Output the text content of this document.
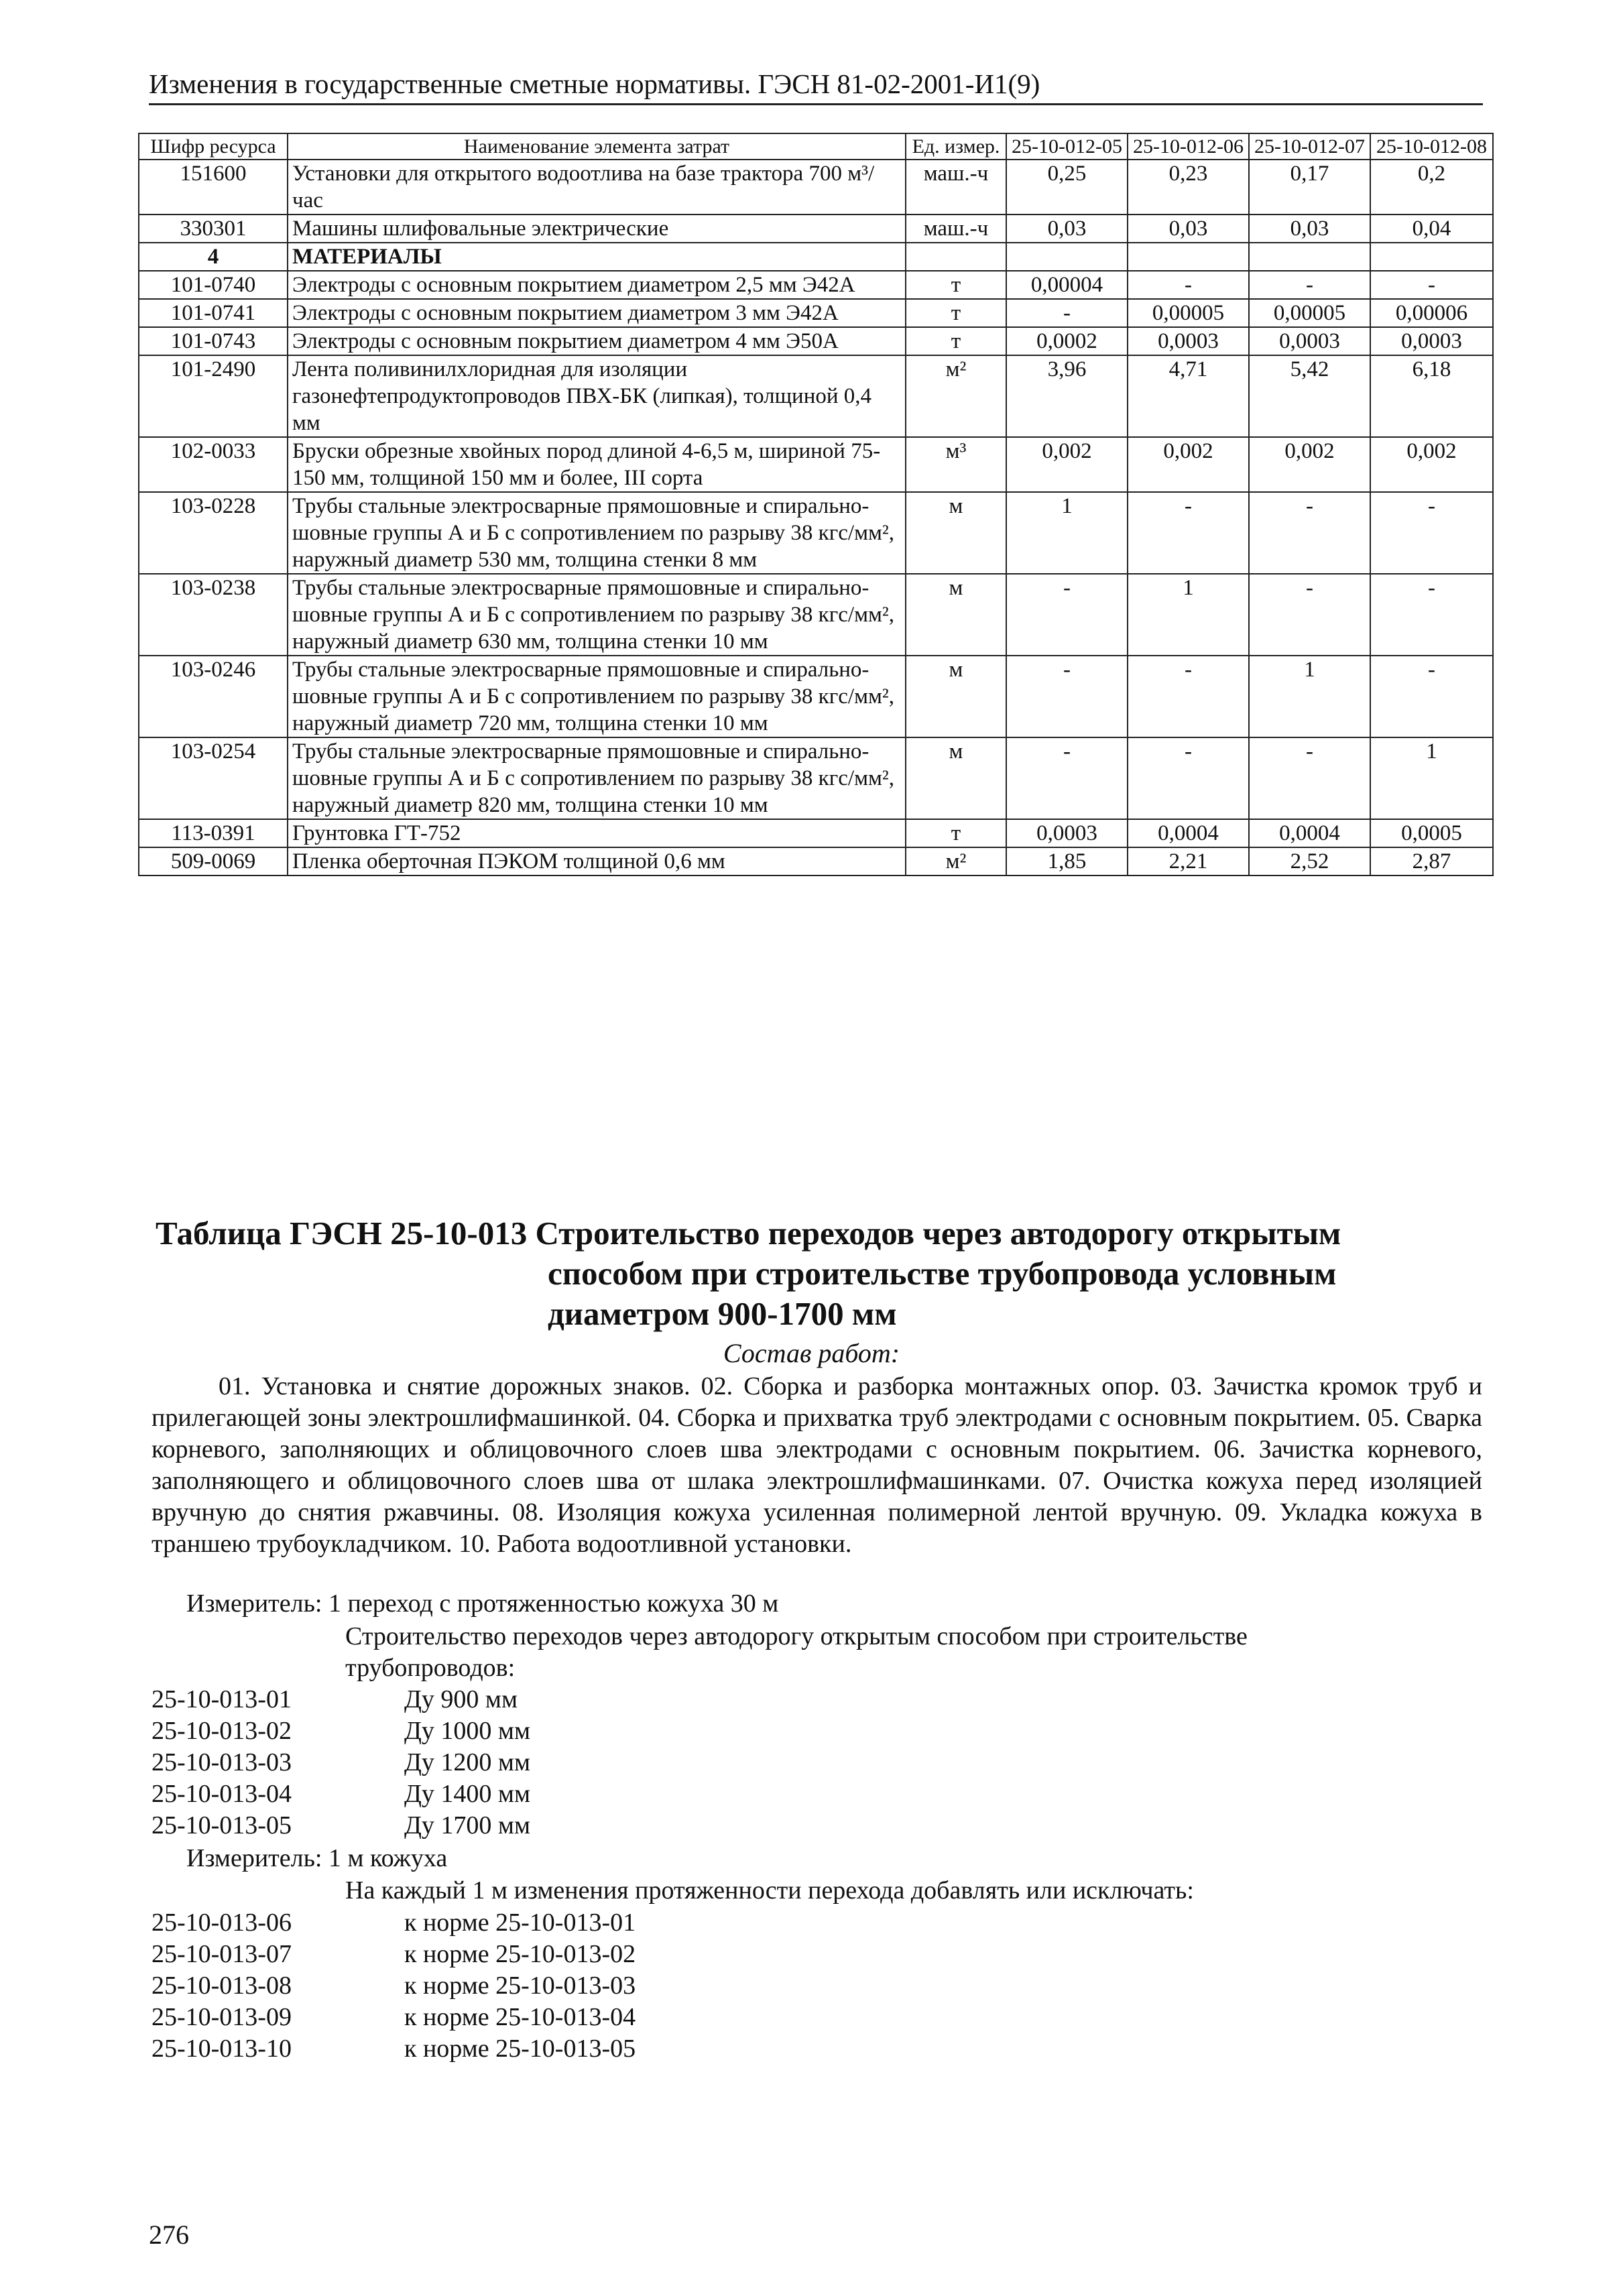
Изменения в государственные сметные нормативы. ГЭСН 81-02-2001-И1(9)
Шифр ресурса	Наименование элемента затрат	Ед. измер.	25-10-012-05	25-10-012-06	25-10-012-07	25-10-012-08
151600	Установки для открытого водоотлива на базе трактора 700 м³/час	маш.-ч	0,25	0,23	0,17	0,2
330301	Машины шлифовальные электрические	маш.-ч	0,03	0,03	0,03	0,04
4	МАТЕРИАЛЫ					
101-0740	Электроды с основным покрытием диаметром 2,5 мм Э42А	т	0,00004	-	-	-
101-0741	Электроды с основным покрытием диаметром 3 мм Э42А	т	-	0,00005	0,00005	0,00006
101-0743	Электроды с основным покрытием диаметром 4 мм Э50А	т	0,0002	0,0003	0,0003	0,0003
101-2490	Лента поливинилхлоридная для изоляции газонефтепродуктопроводов ПВХ-БК (липкая), толщиной 0,4 мм	м²	3,96	4,71	5,42	6,18
102-0033	Бруски обрезные хвойных пород длиной 4-6,5 м, шириной 75-150 мм, толщиной 150 мм и более, III сорта	м³	0,002	0,002	0,002	0,002
103-0228	Трубы стальные электросварные прямошовные и спирально-шовные группы А и Б с сопротивлением по разрыву 38 кгс/мм², наружный диаметр 530 мм, толщина стенки 8 мм	м	1	-	-	-
103-0238	Трубы стальные электросварные прямошовные и спирально-шовные группы А и Б с сопротивлением по разрыву 38 кгс/мм², наружный диаметр 630 мм, толщина стенки 10 мм	м	-	1	-	-
103-0246	Трубы стальные электросварные прямошовные и спирально-шовные группы А и Б с сопротивлением по разрыву 38 кгс/мм², наружный диаметр 720 мм, толщина стенки 10 мм	м	-	-	1	-
103-0254	Трубы стальные электросварные прямошовные и спирально-шовные группы А и Б с сопротивлением по разрыву 38 кгс/мм², наружный диаметр 820 мм, толщина стенки 10 мм	м	-	-	-	1
113-0391	Грунтовка ГТ-752	т	0,0003	0,0004	0,0004	0,0005
509-0069	Пленка оберточная ПЭКОМ толщиной 0,6 мм	м²	1,85	2,21	2,52	2,87
Таблица ГЭСН 25-10-013 Строительство переходов через автодорогу открытым
способом при строительстве трубопровода условным
диаметром 900-1700 мм
Состав работ:
01. Установка и снятие дорожных знаков. 02. Сборка и разборка монтажных опор. 03. Зачистка кромок труб и прилегающей зоны электрошлифмашинкой. 04. Сборка и прихватка труб электродами с основным покрытием. 05. Сварка корневого, заполняющих и облицовочного слоев шва электродами с основным покрытием. 06. Зачистка корневого, заполняющего и облицовочного слоев шва от шлака электрошлифмашинками. 07. Очистка кожуха перед изоляцией вручную до снятия ржавчины. 08. Изоляция кожуха усиленная полимерной лентой вручную. 09. Укладка кожуха в траншею трубоукладчиком. 10. Работа водоотливной установки.
Измеритель: 1 переход с протяженностью кожуха 30 м
Строительство переходов через автодорогу открытым способом при строительстве трубопроводов:
25-10-013-01	Ду 900 мм
25-10-013-02	Ду 1000 мм
25-10-013-03	Ду 1200 мм
25-10-013-04	Ду 1400 мм
25-10-013-05	Ду 1700 мм
Измеритель: 1 м кожуха
На каждый 1 м изменения протяженности перехода добавлять или исключать:
25-10-013-06	к норме 25-10-013-01
25-10-013-07	к норме 25-10-013-02
25-10-013-08	к норме 25-10-013-03
25-10-013-09	к норме 25-10-013-04
25-10-013-10	к норме 25-10-013-05
276
